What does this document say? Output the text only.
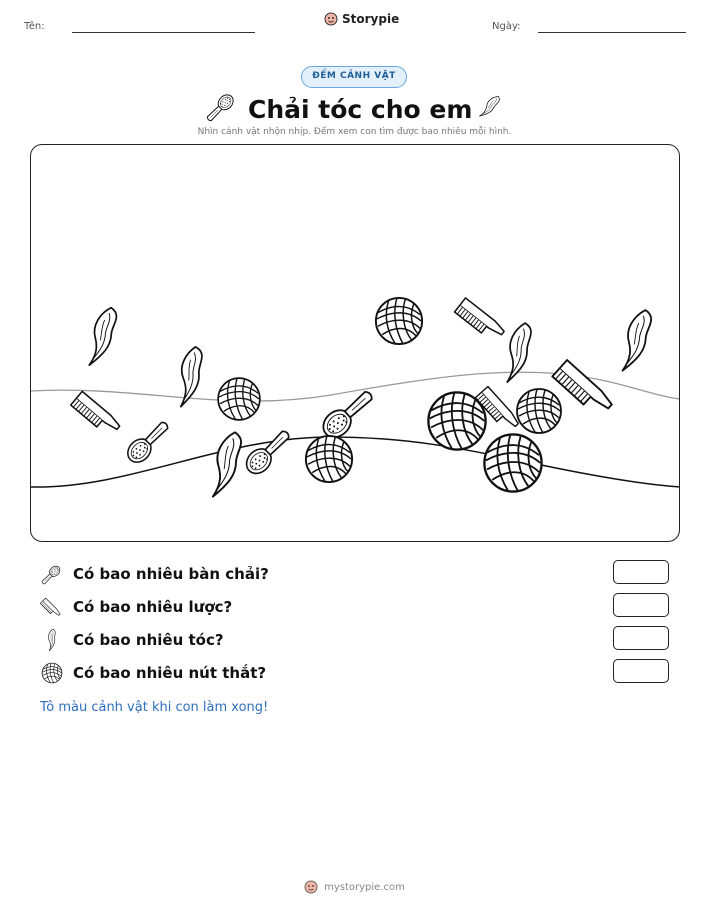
Tên:
Storypie
Ngày:
ĐẾM CẢNH VẬT
Chải tóc cho em
Nhìn cảnh vật nhộn nhịp. Đếm xem con tìm được bao nhiêu mỗi hình.
Có bao nhiêu bàn chải?
Có bao nhiêu lược?
Có bao nhiêu tóc?
Có bao nhiêu nút thắt?
Tô màu cảnh vật khi con làm xong!
mystorypie.com
